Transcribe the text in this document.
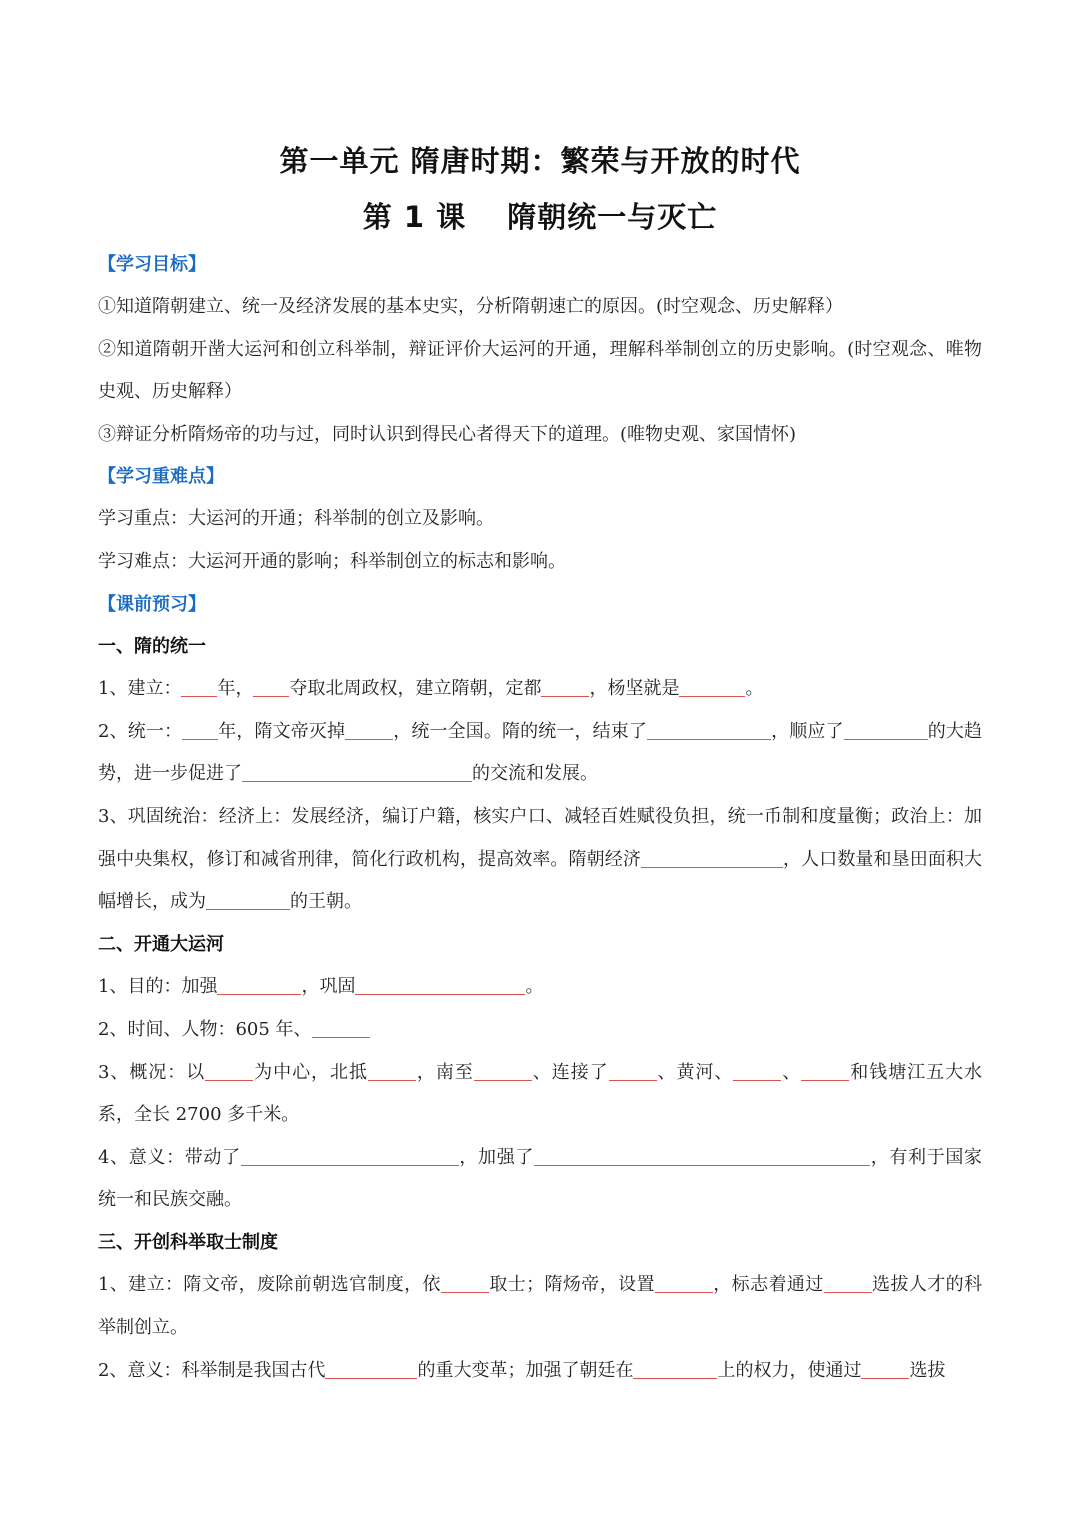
第一单元 隋唐时期：繁荣与开放的时代
第 1 课　 隋朝统一与灭亡
【学习目标】
①知道隋朝建立、统一及经济发展的基本史实，分析隋朝速亡的原因。(时空观念、历史解释）
②知道隋朝开凿大运河和创立科举制，辩证评价大运河的开通，理解科举制创立的历史影响。(时空观念、唯物史观、历史解释）
③辩证分析隋炀帝的功与过，同时认识到得民心者得天下的道理。(唯物史观、家国情怀)
【学习重难点】
学习重点：大运河的开通；科举制的创立及影响。
学习难点：大运河开通的影响；科举制创立的标志和影响。
【课前预习】
一、隋的统一
1、建立： 年， 夺取北周政权，建立隋朝，定都	，杨坚就是	。
2、统一： 年，隋文帝灭掉	，统一全国。隋的统一，结束了	，顺应了	的大趋势，进一步促进了	的交流和发展。
3、巩固统治：经济上：发展经济，编订户籍，核实户口、减轻百姓赋役负担，统一币制和度量衡；政治上：加强中央集权，修订和减省刑律，简化行政机构，提高效率。隋朝经济	，人口数量和垦田面积大幅增长，成为	的王朝。
二、开通大运河
1、目的：加强	，巩固	。
2、时间、人物：605 年、
3、概况：以	为中心，北抵	，南至	、连接了	、黄河、	、	和钱塘江五大水系，全长 2700 多千米。
4、意义：带动了	，加强了	，有利于国家统一和民族交融。
三、开创科举取士制度
1、建立：隋文帝，废除前朝选官制度，依	取士；隋炀帝，设置	，标志着通过	选拔人才的科举制创立。
2、意义：科举制是我国古代	的重大变革；加强了朝廷在	上的权力，使通过	选拔
